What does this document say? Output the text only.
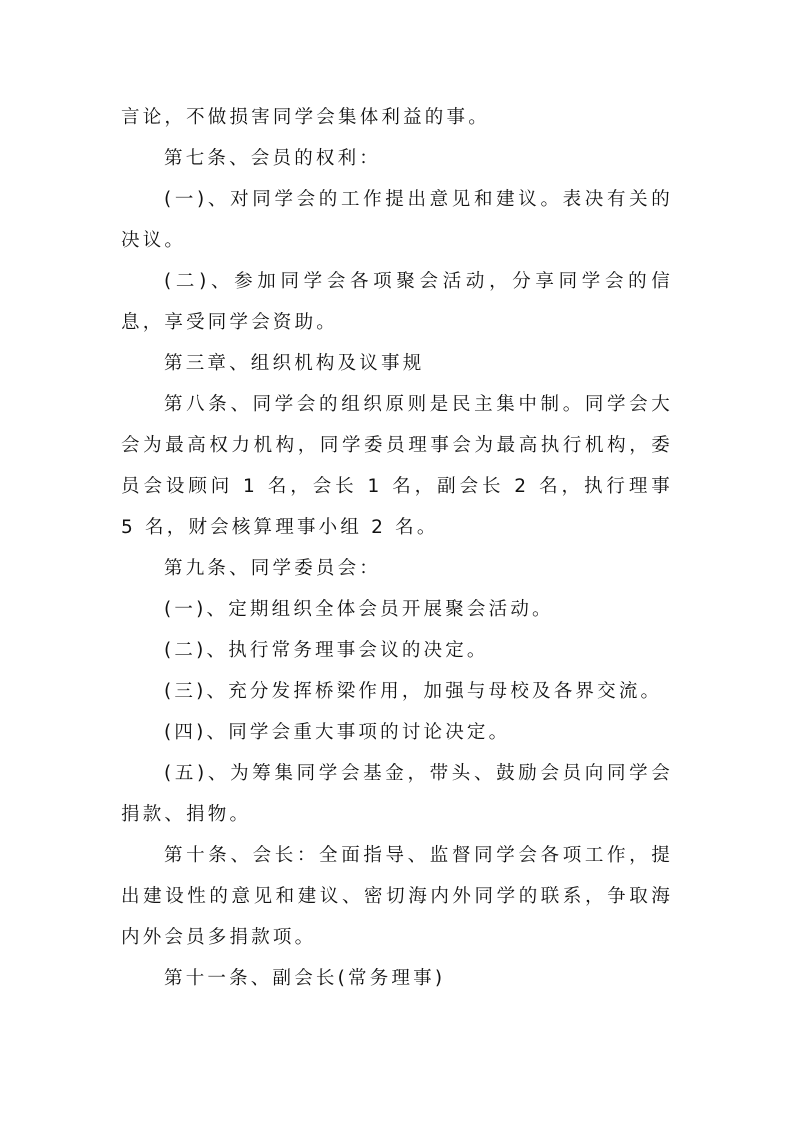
言论，不做损害同学会集体利益的事。

第七条、会员的权利：

(一)、对同学会的工作提出意见和建议。表决有关的决议。

(二)、参加同学会各项聚会活动，分享同学会的信息，享受同学会资助。

第三章、组织机构及议事规

第八条、同学会的组织原则是民主集中制。同学会大会为最高权力机构，同学委员理事会为最高执行机构，委员会设顾问 1 名，会长 1 名，副会长 2 名，执行理事 5 名，财会核算理事小组 2 名。

第九条、同学委员会：

(一)、定期组织全体会员开展聚会活动。

(二)、执行常务理事会议的决定。

(三)、充分发挥桥梁作用，加强与母校及各界交流。

(四)、同学会重大事项的讨论决定。

(五)、为筹集同学会基金，带头、鼓励会员向同学会捐款、捐物。

第十条、会长：全面指导、监督同学会各项工作，提出建设性的意见和建议、密切海内外同学的联系，争取海内外会员多捐款项。

第十一条、副会长(常务理事)
